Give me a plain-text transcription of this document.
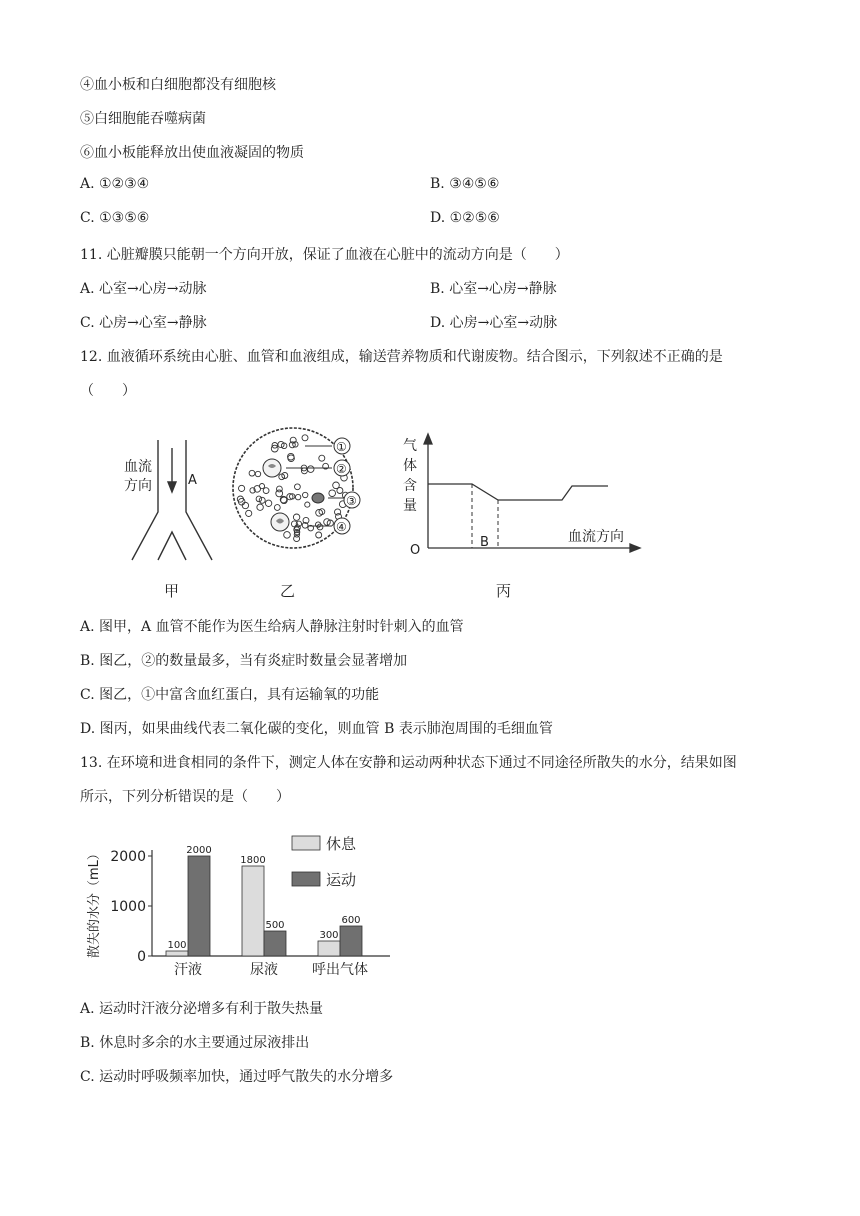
④血小板和白细胞都没有细胞核
⑤白细胞能吞噬病菌
⑥血小板能释放出使血液凝固的物质
A. ①②③④	B. ③④⑤⑥
C. ①③⑤⑥	D. ①②⑤⑥
11. 心脏瓣膜只能朝一个方向开放，保证了血液在心脏中的流动方向是（　　）
A. 心室→心房→动脉	B. 心室→心房→静脉
C. 心房→心室→静脉	D. 心房→心室→动脉
12. 血液循环系统由心脏、血管和血液组成，输送营养物质和代谢废物。结合图示，下列叙述不正确的是
（　　）
血流
方向	A
甲
①
②
③
④
乙
气
体
含
量
O
B	血流方向
丙
A. 图甲，A 血管不能作为医生给病人静脉注射时针刺入的血管
B. 图乙，②的数量最多，当有炎症时数量会显著增加
C. 图乙，①中富含血红蛋白，具有运输氧的功能
D. 图丙，如果曲线代表二氧化碳的变化，则血管 B 表示肺泡周围的毛细血管
13. 在环境和进食相同的条件下，测定人体在安静和运动两种状态下通过不同途径所散失的水分，结果如图
所示，下列分析错误的是（　　）
0
1000
2000
散失的水分（mL）	100
2000
汗液
1800
500
尿液
300
600
呼出气体
休息
运动
A. 运动时汗液分泌增多有利于散失热量
B. 休息时多余的水主要通过尿液排出
C. 运动时呼吸频率加快，通过呼气散失的水分增多
